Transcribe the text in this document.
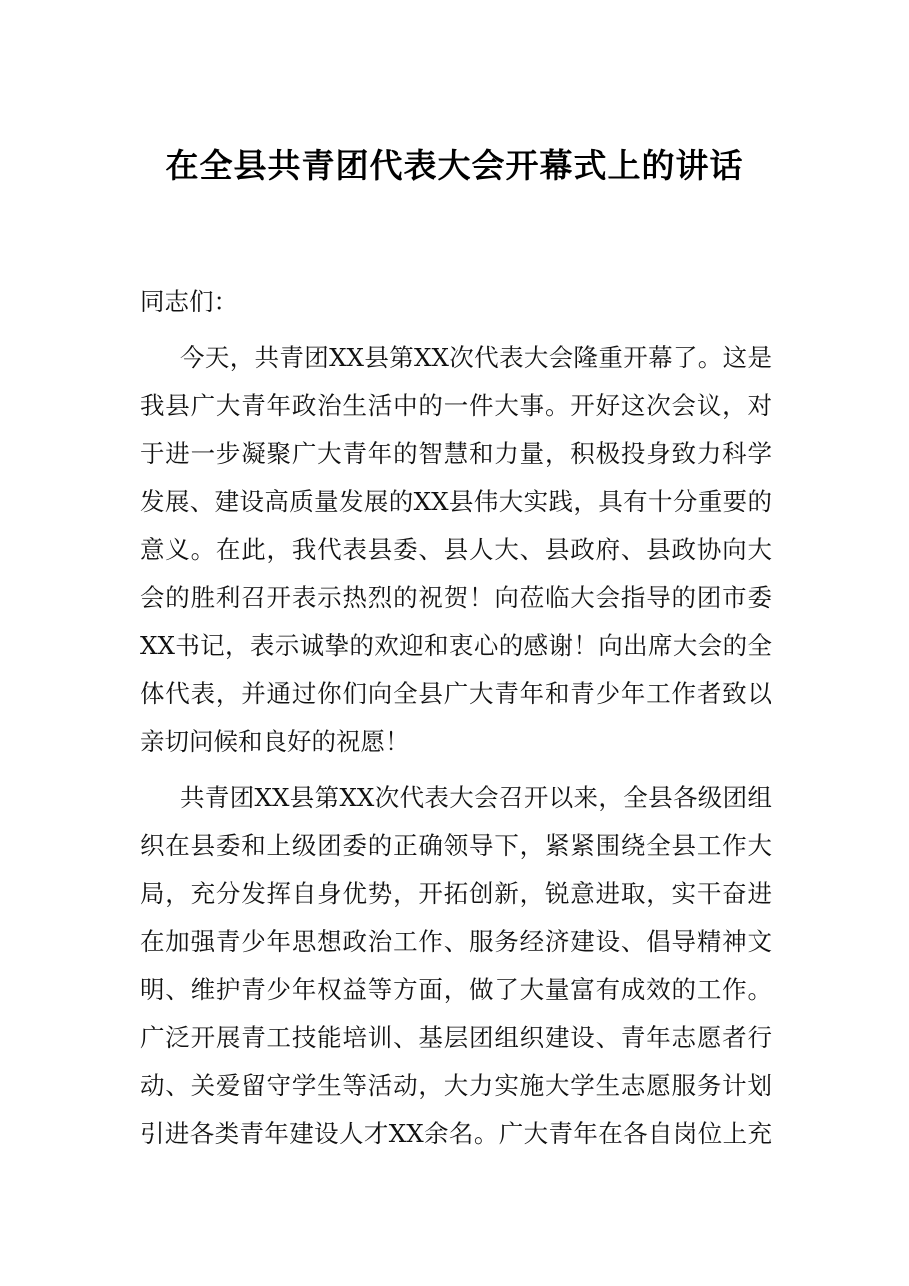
在全县共青团代表大会开幕式上的讲话
同志们：
今天，共青团XX县第XX次代表大会隆重开幕了。这是
我县广大青年政治生活中的一件大事。开好这次会议，对
于进一步凝聚广大青年的智慧和力量，积极投身致力科学
发展、建设高质量发展的XX县伟大实践，具有十分重要的
意义。在此，我代表县委、县人大、县政府、县政协向大
会的胜利召开表示热烈的祝贺！向莅临大会指导的团市委
XX书记，表示诚挚的欢迎和衷心的感谢！向出席大会的全
体代表，并通过你们向全县广大青年和青少年工作者致以
亲切问候和良好的祝愿！
共青团XX县第XX次代表大会召开以来，全县各级团组
织在县委和上级团委的正确领导下，紧紧围绕全县工作大
局，充分发挥自身优势，开拓创新，锐意进取，实干奋进
在加强青少年思想政治工作、服务经济建设、倡导精神文
明、维护青少年权益等方面，做了大量富有成效的工作。
广泛开展青工技能培训、基层团组织建设、青年志愿者行
动、关爱留守学生等活动，大力实施大学生志愿服务计划
引进各类青年建设人才XX余名。广大青年在各自岗位上充
